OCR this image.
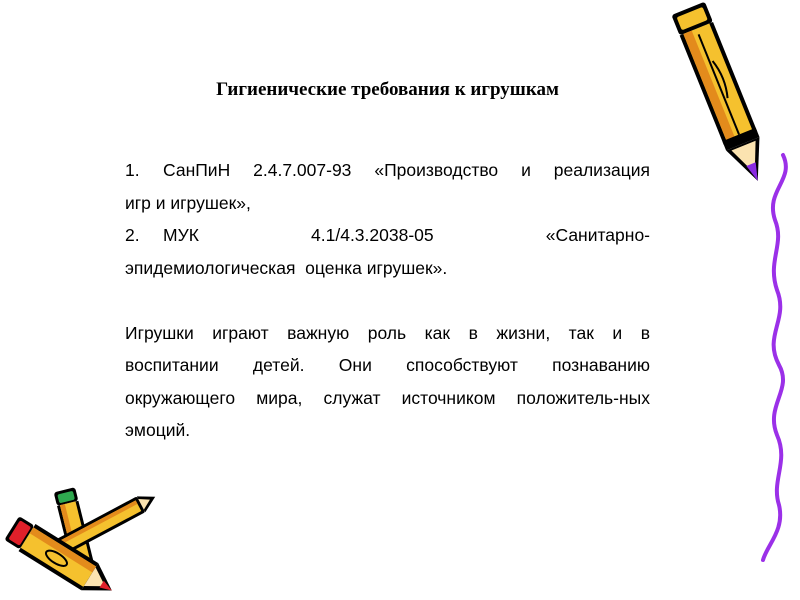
Гигиенические требования к игрушкам
1. СанПиН 2.4.7.007-93 «Производство и реализация
игр и игрушек»,
2. МУК	4.1/4.3.2038-05	«Санитарно-
эпидемиологическая  оценка игрушек».
Игрушки играют важную роль как в жизни, так и в
воспитании детей. Они способствуют познаванию
окружающего мира, служат источником положитель-ных
эмоций.
